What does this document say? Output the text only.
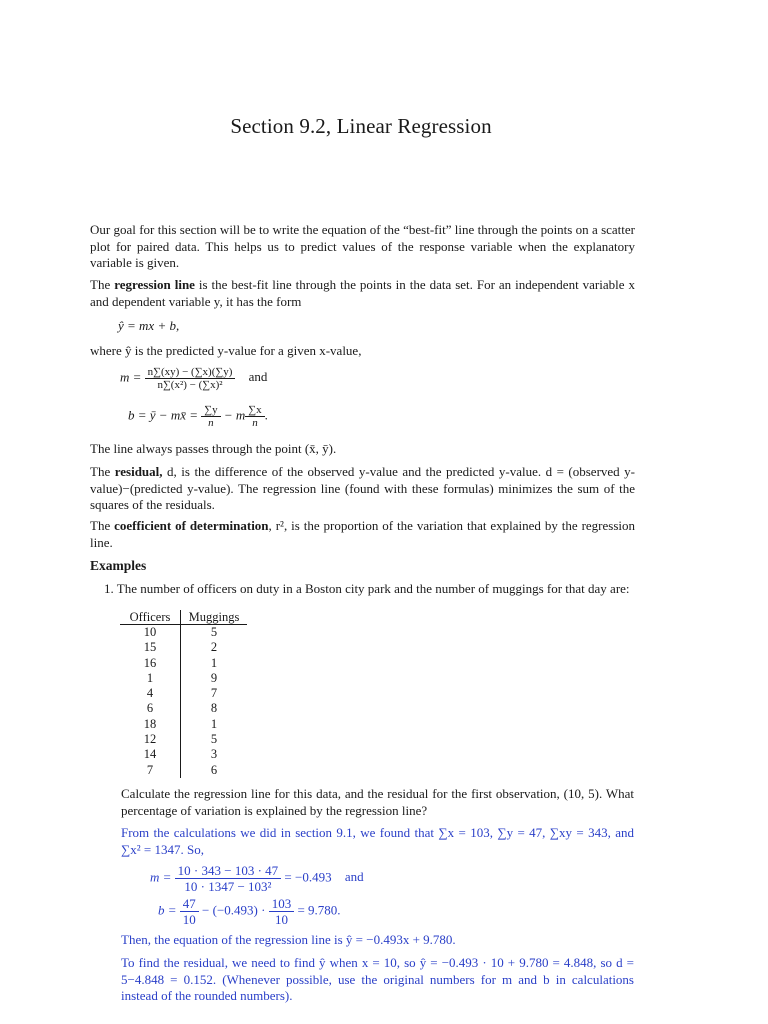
Section 9.2, Linear Regression
Our goal for this section will be to write the equation of the “best-fit” line through the points on a scatter plot for paired data. This helps us to predict values of the response variable when the explanatory variable is given.
The regression line is the best-fit line through the points in the data set. For an independent variable x and dependent variable y, it has the form
ŷ = mx + b,
where ŷ is the predicted y-value for a given x-value,
$m = \frac{n\sum(xy) - (\sum x)(\sum y)}{\text{n∑(x²) − (∑x)²}}$ and
b = ȳ − mx̄ = $\frac{\sum y}{n} - m \frac{\sum x}{n}$ .
The line always passes through the point (x̄, ȳ).
The residual, d, is the difference of the observed y-value and the predicted y-value. d = (observed y-value)−(predicted y-value). The regression line (found with these formulas) minimizes the sum of the squares of the residuals.
The coefficient of determination, r², is the proportion of the variation that explained by the regression line.
Examples
1. The number of officers on duty in a Boston city park and the number of muggings for that day are:
Officers	Muggings
10	5
15	2
16	1
1	9
4	7
6	8
18	1
12	5
14	3
7	6
Calculate the regression line for this data, and the residual for the first observation, (10, 5). What percentage of variation is explained by the regression line?
From the calculations we did in section 9.1, we found that ∑x = 103, ∑y = 47, ∑xy = 343, and ∑x² = 1347. So,
$m = \frac{10 \cdot 343 - 103 \cdot 47}{\text{10 · 1347 − 103²}} = -0.493$ and
$b = \frac{47}{10} - (-0.493) \cdot \frac{103}{10} = 9.780$.
Then, the equation of the regression line is ŷ = −0.493x + 9.780.
To find the residual, we need to find ŷ when x = 10, so ŷ = −0.493 · 10 + 9.780 = 4.848, so d = 5−4.848 = 0.152. (Whenever possible, use the original numbers for m and b in calculations instead of the rounded numbers).
